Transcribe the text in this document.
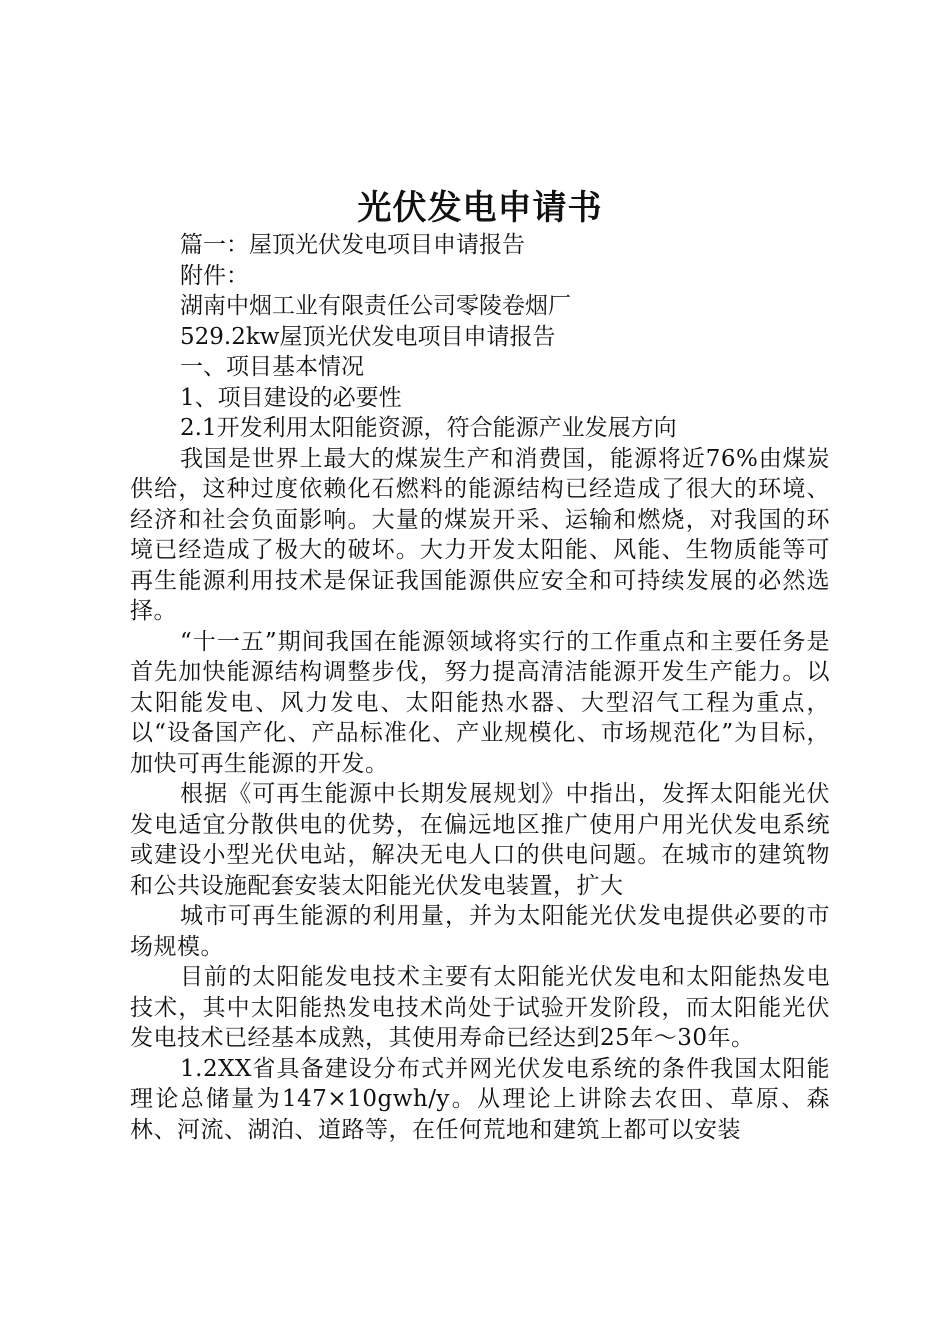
光伏发电申请书

篇一：屋顶光伏发电项目申请报告

附件：

湖南中烟工业有限责任公司零陵卷烟厂

529.2kw屋顶光伏发电项目申请报告

一、项目基本情况

1、项目建设的必要性

2.1开发利用太阳能资源，符合能源产业发展方向

我国是世界上最大的煤炭生产和消费国，能源将近76%由煤炭供给，这种过度依赖化石燃料的能源结构已经造成了很大的环境、经济和社会负面影响。大量的煤炭开采、运输和燃烧，对我国的环境已经造成了极大的破坏。大力开发太阳能、风能、生物质能等可再生能源利用技术是保证我国能源供应安全和可持续发展的必然选择。

“十一五”期间我国在能源领域将实行的工作重点和主要任务是首先加快能源结构调整步伐，努力提高清洁能源开发生产能力。以太阳能发电、风力发电、太阳能热水器、大型沼气工程为重点，以“设备国产化、产品标准化、产业规模化、市场规范化”为目标，加快可再生能源的开发。

根据《可再生能源中长期发展规划》中指出，发挥太阳能光伏发电适宜分散供电的优势，在偏远地区推广使用户用光伏发电系统或建设小型光伏电站，解决无电人口的供电问题。在城市的建筑物和公共设施配套安装太阳能光伏发电装置，扩大

城市可再生能源的利用量，并为太阳能光伏发电提供必要的市场规模。

目前的太阳能发电技术主要有太阳能光伏发电和太阳能热发电技术，其中太阳能热发电技术尚处于试验开发阶段，而太阳能光伏发电技术已经基本成熟，其使用寿命已经达到25年～30年。

1.2XX省具备建设分布式并网光伏发电系统的条件我国太阳能理论总储量为147×10gwh/y。从理论上讲除去农田、草原、森林、河流、湖泊、道路等，在任何荒地和建筑上都可以安装
